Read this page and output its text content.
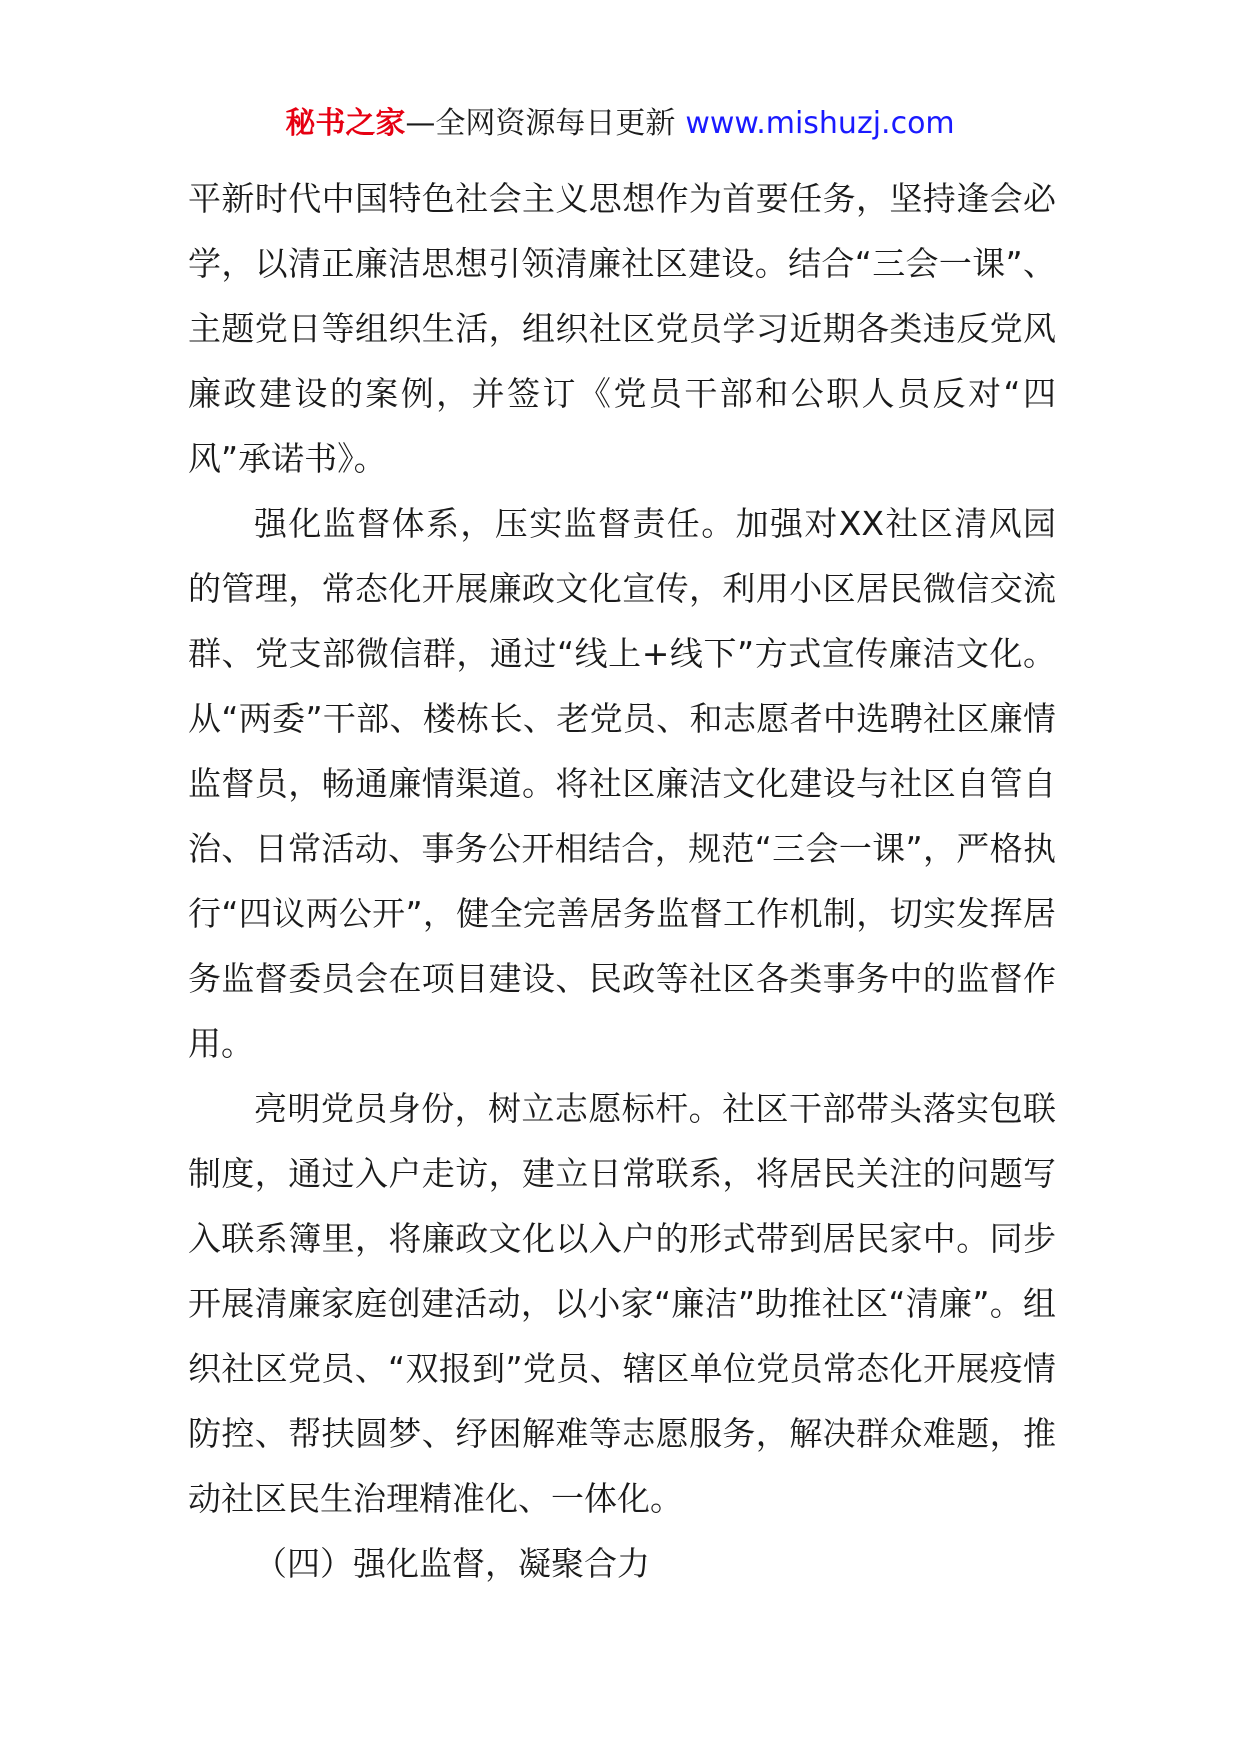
秘书之家—全网资源每日更新 www.mishuzj.com

平新时代中国特色社会主义思想作为首要任务，坚持逢会必学，以清正廉洁思想引领清廉社区建设。结合“三会一课”、主题党日等组织生活，组织社区党员学习近期各类违反党风廉政建设的案例，并签订《党员干部和公职人员反对“四风”承诺书》。

强化监督体系，压实监督责任。加强对XX社区清风园的管理，常态化开展廉政文化宣传，利用小区居民微信交流群、党支部微信群，通过“线上+线下”方式宣传廉洁文化。从“两委”干部、楼栋长、老党员、和志愿者中选聘社区廉情监督员，畅通廉情渠道。将社区廉洁文化建设与社区自管自治、日常活动、事务公开相结合，规范“三会一课”，严格执行“四议两公开”，健全完善居务监督工作机制，切实发挥居务监督委员会在项目建设、民政等社区各类事务中的监督作用。

亮明党员身份，树立志愿标杆。社区干部带头落实包联制度，通过入户走访，建立日常联系，将居民关注的问题写入联系簿里，将廉政文化以入户的形式带到居民家中。同步开展清廉家庭创建活动，以小家“廉洁”助推社区“清廉”。组织社区党员、“双报到”党员、辖区单位党员常态化开展疫情防控、帮扶圆梦、纾困解难等志愿服务，解决群众难题，推动社区民生治理精准化、一体化。

（四）强化监督，凝聚合力
